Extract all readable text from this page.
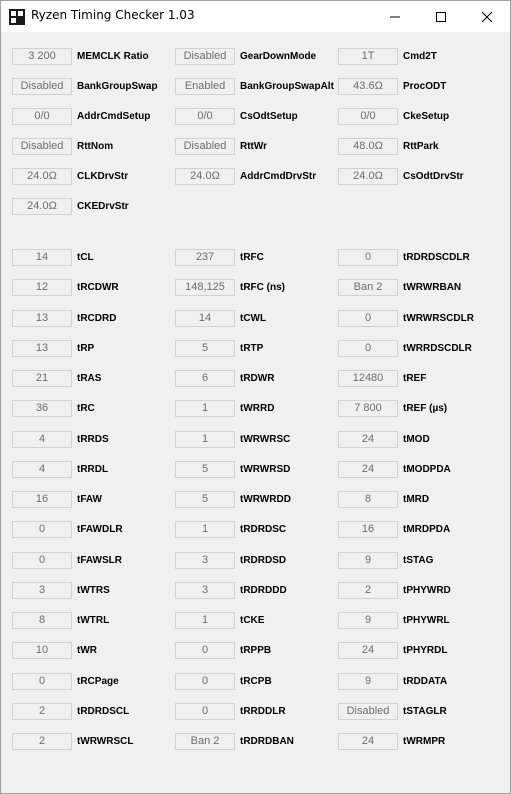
Ryzen Timing Checker 1.03
3 200	MEMCLK Ratio	Disabled	GearDownMode	1T	Cmd2T
Disabled	BankGroupSwap	Enabled	BankGroupSwapAlt	43.6Ω	ProcODT
0/0	AddrCmdSetup	0/0	CsOdtSetup	0/0	CkeSetup
Disabled	RttNom	Disabled	RttWr	48.0Ω	RttPark
24.0Ω	CLKDrvStr	24.0Ω	AddrCmdDrvStr	24.0Ω	CsOdtDrvStr
24.0Ω	CKEDrvStr
14	tCL	237	tRFC	0	tRDRDSCDLR
12	tRCDWR	148,125	tRFC (ns)	Ban 2	tWRWRBAN
13	tRCDRD	14	tCWL	0	tWRWRSCDLR
13	tRP	5	tRTP	0	tWRRDSCDLR
21	tRAS	6	tRDWR	12480	tREF
36	tRC	1	tWRRD	7 800	tREF (µs)
4	tRRDS	1	tWRWRSC	24	tMOD
4	tRRDL	5	tWRWRSD	24	tMODPDA
16	tFAW	5	tWRWRDD	8	tMRD
0	tFAWDLR	1	tRDRDSC	16	tMRDPDA
0	tFAWSLR	3	tRDRDSD	9	tSTAG
3	tWTRS	3	tRDRDDD	2	tPHYWRD
8	tWTRL	1	tCKE	9	tPHYWRL
10	tWR	0	tRPPB	24	tPHYRDL
0	tRCPage	0	tRCPB	9	tRDDATA
2	tRDRDSCL	0	tRRDDLR	Disabled	tSTAGLR
2	tWRWRSCL	Ban 2	tRDRDBAN	24	tWRMPR
